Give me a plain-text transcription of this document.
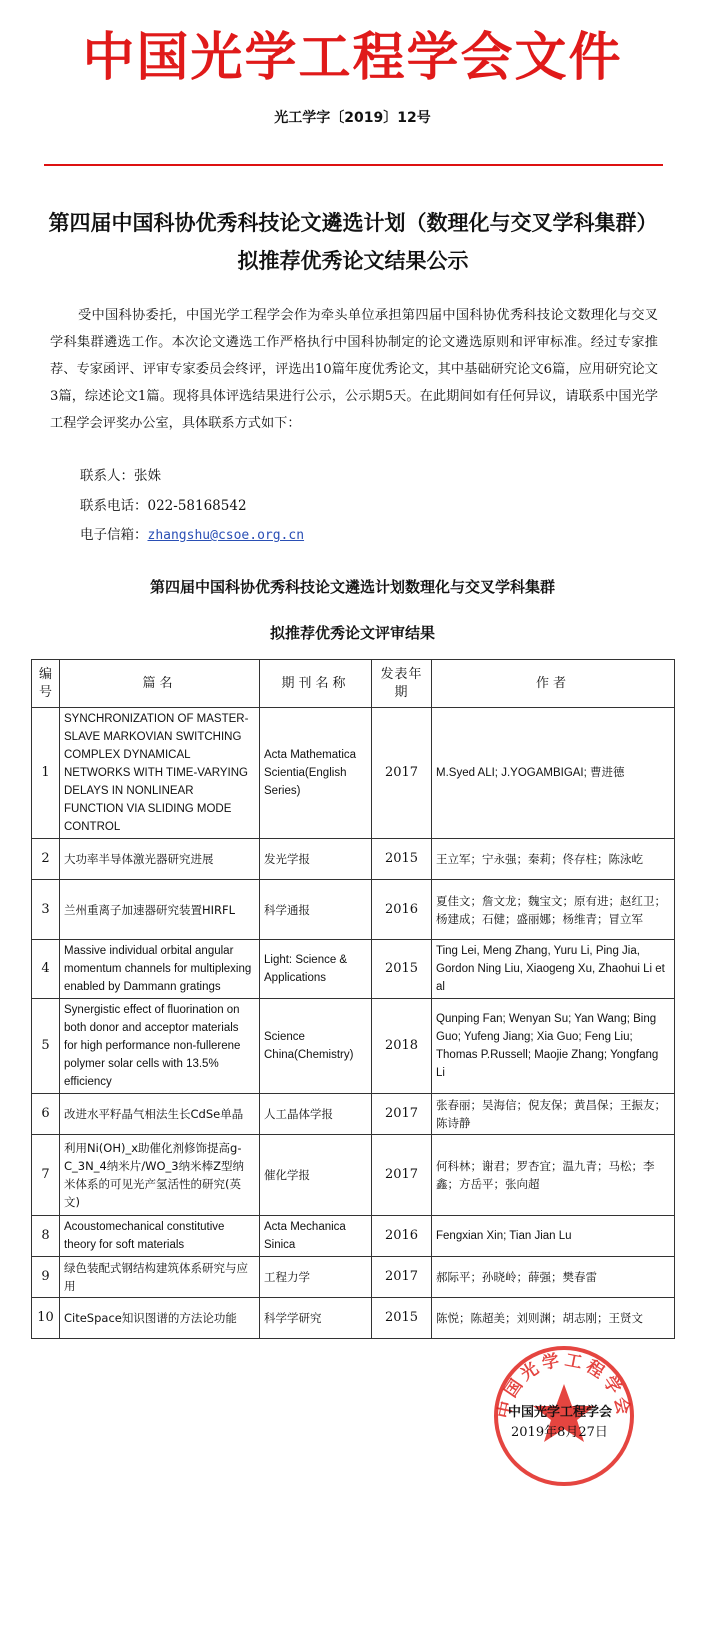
中国光学工程学会文件
光工学字〔2019〕12号
第四届中国科协优秀科技论文遴选计划（数理化与交叉学科集群）拟推荐优秀论文结果公示
受中国科协委托，中国光学工程学会作为牵头单位承担第四届中国科协优秀科技论文数理化与交叉学科集群遴选工作。本次论文遴选工作严格执行中国科协制定的论文遴选原则和评审标准。经过专家推荐、专家函评、评审专家委员会终评，评选出10篇年度优秀论文，其中基础研究论文6篇，应用研究论文3篇，综述论文1篇。现将具体评选结果进行公示，公示期5天。在此期间如有任何异议，请联系中国光学工程学会评奖办公室，具体联系方式如下：
联系人：张姝
联系电话：022-58168542
电子信箱：zhangshu@csoe.org.cn
第四届中国科协优秀科技论文遴选计划数理化与交叉学科集群
拟推荐优秀论文评审结果
编号	篇名	期刊名称	发表年期	作者
1	SYNCHRONIZATION OF MASTER-SLAVE MARKOVIAN SWITCHING COMPLEX DYNAMICAL NETWORKS WITH TIME-VARYING DELAYS IN NONLINEAR FUNCTION VIA SLIDING MODE CONTROL	Acta Mathematica Scientia(English Series)	2017	M.Syed ALI; J.YOGAMBIGAI; 曹进德
2	大功率半导体激光器研究进展	发光学报	2015	王立军；宁永强；秦莉；佟存柱；陈泳屹
3	兰州重离子加速器研究装置HIRFL	科学通报	2016	夏佳文；詹文龙；魏宝文；原有进；赵红卫；杨建成；石健；盛丽娜；杨维青；冒立军
4	Massive individual orbital angular momentum channels for multiplexing enabled by Dammann gratings	Light: Science & Applications	2015	Ting Lei, Meng Zhang, Yuru Li, Ping Jia, Gordon Ning Liu, Xiaogeng Xu, Zhaohui Li et al
5	Synergistic effect of fluorination on both donor and acceptor materials for high performance non-fullerene polymer solar cells with 13.5% efficiency	Science China(Chemistry)	2018	Qunping Fan; Wenyan Su; Yan Wang; Bing Guo; Yufeng Jiang; Xia Guo; Feng Liu; Thomas P.Russell; Maojie Zhang; Yongfang Li
6	改进水平籽晶气相法生长CdSe单晶	人工晶体学报	2017	张春丽；吴海信；倪友保；黄昌保；王振友；陈诗静
7	利用Ni(OH)_x助催化剂修饰提高g-C_3N_4纳米片/WO_3纳米棒Z型纳米体系的可见光产氢活性的研究(英文)	催化学报	2017	何科林；谢君；罗杏宜；温九青；马松；李鑫；方岳平；张向超
8	Acoustomechanical constitutive theory for soft materials	Acta Mechanica Sinica	2016	Fengxian Xin; Tian Jian Lu
9	绿色装配式钢结构建筑体系研究与应用	工程力学	2017	郝际平；孙晓岭；薛强；樊春雷
10	CiteSpace知识图谱的方法论功能	科学学研究	2015	陈悦；陈超美；刘则渊；胡志刚；王贤文
中国光学工程学会
中国光学工程学会
2019年8月27日
